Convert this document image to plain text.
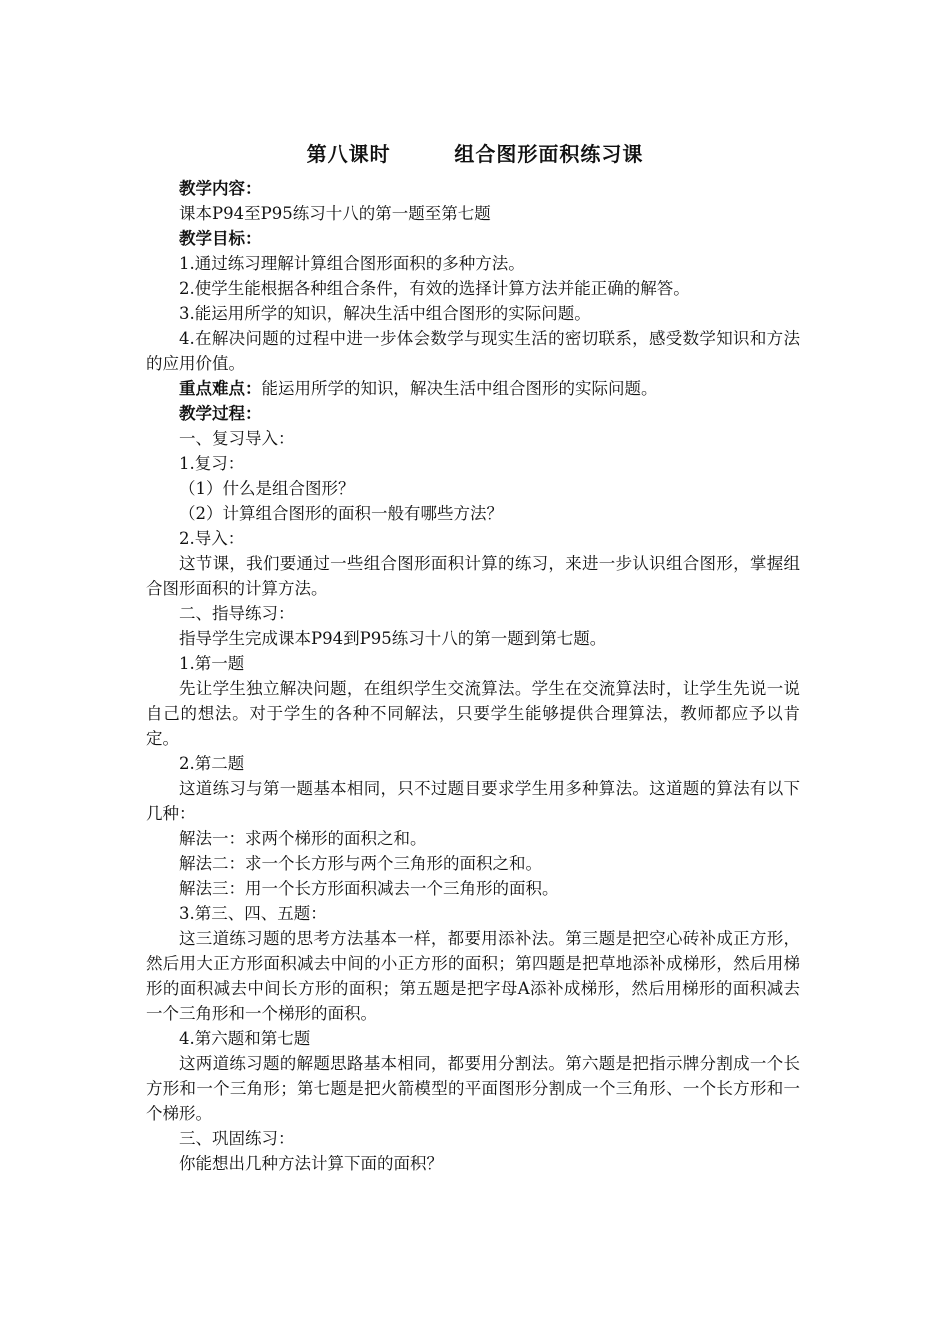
第八课时        组合图形面积练习课

教学内容：

课本P94至P95练习十八的第一题至第七题

教学目标：

1.通过练习理解计算组合图形面积的多种方法。

2.使学生能根据各种组合条件，有效的选择计算方法并能正确的解答。

3.能运用所学的知识，解决生活中组合图形的实际问题。

4.在解决问题的过程中进一步体会数学与现实生活的密切联系，感受数学知识和方法的应用价值。

重点难点：能运用所学的知识，解决生活中组合图形的实际问题。

教学过程：

一、复习导入：

1.复习：

（1）什么是组合图形？

（2）计算组合图形的面积一般有哪些方法？

2.导入：

这节课，我们要通过一些组合图形面积计算的练习，来进一步认识组合图形，掌握组合图形面积的计算方法。

二、指导练习：

指导学生完成课本P94到P95练习十八的第一题到第七题。

1.第一题

先让学生独立解决问题，在组织学生交流算法。学生在交流算法时，让学生先说一说自己的想法。对于学生的各种不同解法，只要学生能够提供合理算法，教师都应予以肯定。

2.第二题

这道练习与第一题基本相同，只不过题目要求学生用多种算法。这道题的算法有以下几种：

解法一：求两个梯形的面积之和。

解法二：求一个长方形与两个三角形的面积之和。

解法三：用一个长方形面积减去一个三角形的面积。

3.第三、四、五题：

这三道练习题的思考方法基本一样，都要用添补法。第三题是把空心砖补成正方形，然后用大正方形面积减去中间的小正方形的面积；第四题是把草地添补成梯形，然后用梯形的面积减去中间长方形的面积；第五题是把字母A添补成梯形，然后用梯形的面积减去一个三角形和一个梯形的面积。

4.第六题和第七题

这两道练习题的解题思路基本相同，都要用分割法。第六题是把指示牌分割成一个长方形和一个三角形；第七题是把火箭模型的平面图形分割成一个三角形、一个长方形和一个梯形。

三、巩固练习：

你能想出几种方法计算下面的面积？
